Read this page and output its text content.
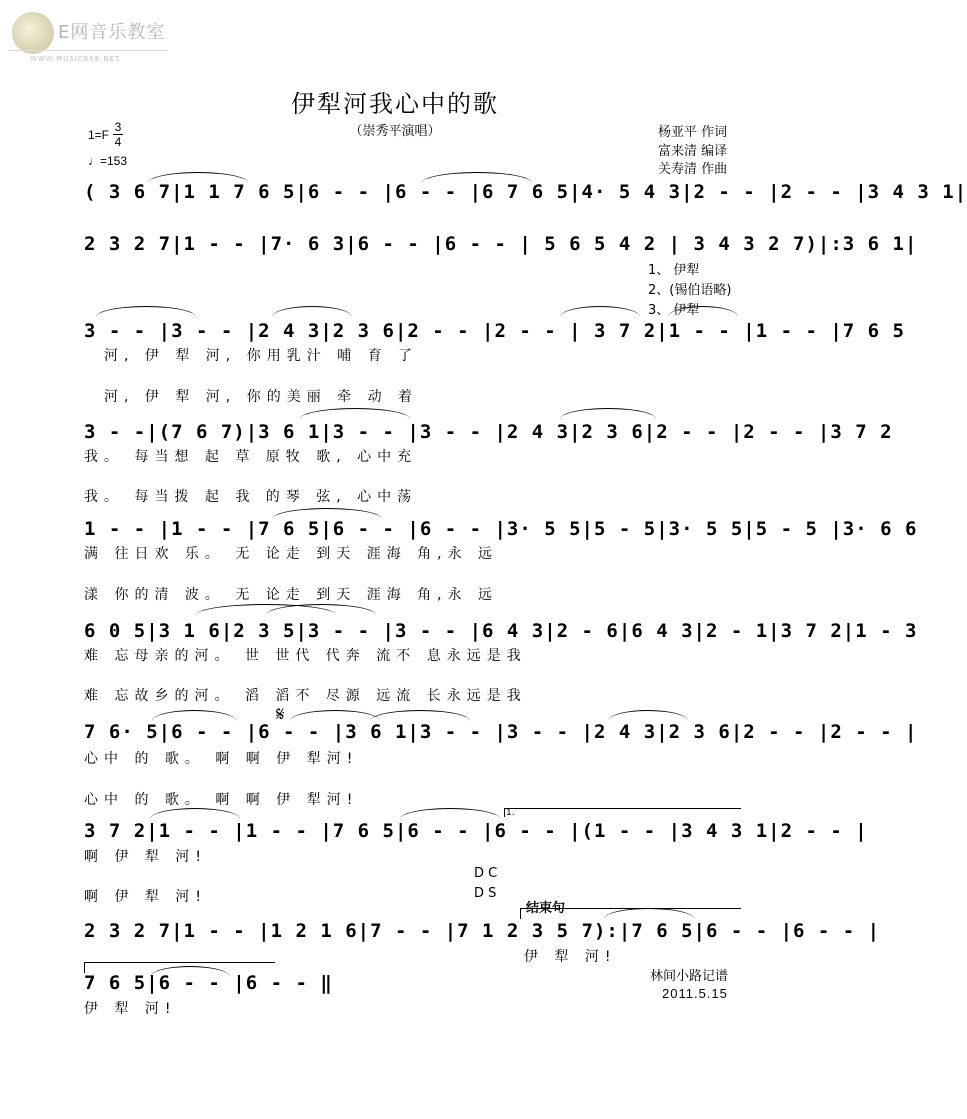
E网音乐教室
WWW.MUSIC888.NET
伊犁河我心中的歌
（崇秀平演唱）
1=F
3
4
♩=153
杨亚平 作词
富来清 编译
关寿清 作曲
( 3 6 7|1 1 7 6 5|6 - - |6 - - |6 7 6 5|4· 5 4 3|2 - - |2 - - |3 4 3 1|
2 3 2 7|1 - - |7· 6 3|6 - - |6 - - | 5 6 5 4 2 | 3 4 3 2 7)|:3 6 1|
1、 伊犁
2、(锡伯语略)
3、 伊犁
3 - - |3 - - |2 4 3|2 3 6|2 - - |2 - - | 3 7 2|1 - - |1 - - |7 6 5
河, 伊 犁 河, 你用乳汁 哺 育 了
河, 伊 犁 河, 你的美丽 牵 动 着
3 - -|(7 6 7)|3 6 1|3 - - |3 - - |2 4 3|2 3 6|2 - - |2 - - |3 7 2
我。 每当想 起 草 原牧 歌, 心中充
我。 每当拨 起 我 的琴 弦, 心中荡
1 - - |1 - - |7 6 5|6 - - |6 - - |3· 5 5|5 - 5|3· 5 5|5 - 5 |3· 6 6
满 往日欢 乐。 无 论走 到天 涯海 角,永 远
漾 你的清 波。 无 论走 到天 涯海 角,永 远
6 0 5|3 1 6|2 3 5|3 - - |3 - - |6 4 3|2 - 6|6 4 3|2 - 1|3 7 2|1 - 3
难 忘母亲的河。 世 世代 代奔 流不 息永远是我
难 忘故乡的河。 滔 滔不 尽源 远流 长永远是我
𝄋
7 6· 5|6 - - |6 - - |3 6 1|3 - - |3 - - |2 4 3|2 3 6|2 - - |2 - - |
心中 的 歌。 啊 啊 伊 犁河!
心中 的 歌。 啊 啊 伊 犁河!
1.
3 7 2|1 - - |1 - - |7 6 5|6 - - |6 - - |(1 - - |3 4 3 1|2 - - |
啊 伊 犁 河!
啊 伊 犁 河!
D C
D S
结束句
2 3 2 7|1 - - |1 2 1 6|7 - - |7 1 2 3 5 7):|7 6 5|6 - - |6 - - |
伊 犁 河!
7 6 5|6 - - |6 - - ‖
伊 犁 河!
林间小路记谱
2011.5.15
